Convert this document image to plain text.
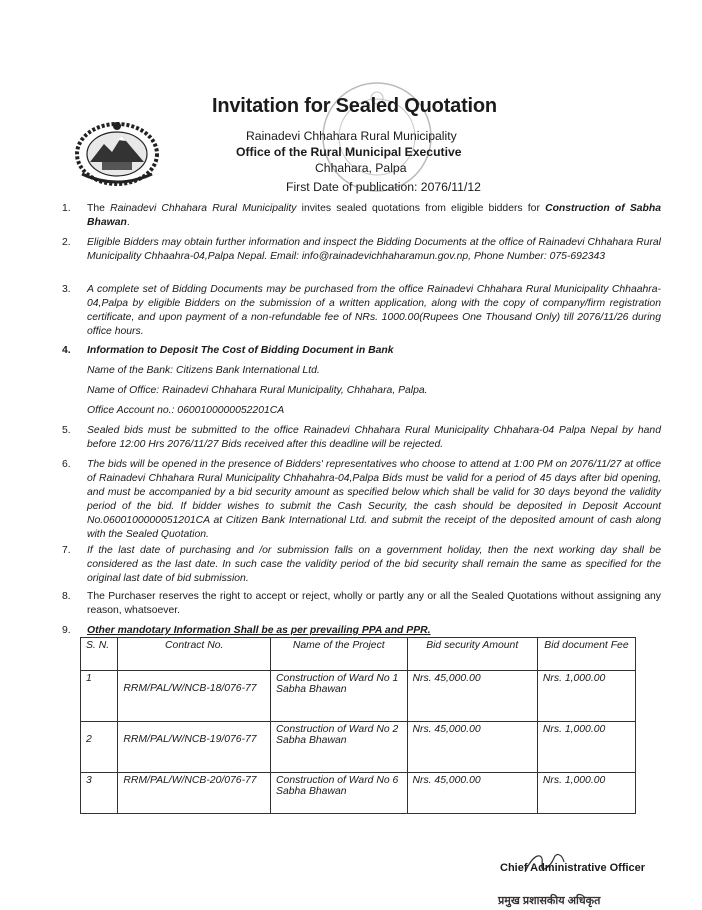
Invitation for Sealed Quotation
Rainadevi Chhahara Rural Municipality
Office of the Rural Municipal Executive
Chhahara, Palpa
First Date of publication: 2076/11/12
1. The Rainadevi Chhahara Rural Municipality invites sealed quotations from eligible bidders for Construction of Sabha Bhawan.
2. Eligible Bidders may obtain further information and inspect the Bidding Documents at the office of Rainadevi Chhahara Rural Municipality Chhaahra-04,Palpa Nepal. Email: info@rainadevichhaharamun.gov.np, Phone Number: 075-692343
3. A complete set of Bidding Documents may be purchased from the office Rainadevi Chhahara Rural Municipality Chhaahra-04,Palpa by eligible Bidders on the submission of a written application, along with the copy of company/firm registration certificate, and upon payment of a non-refundable fee of NRs. 1000.00(Rupees One Thousand Only) till 2076/11/26 during office hours.
4. Information to Deposit The Cost of Bidding Document in Bank
Name of the Bank: Citizens Bank International Ltd.
Name of Office: Rainadevi Chhahara Rural Municipality, Chhahara, Palpa.
Office Account no.: 0600100000052201CA
5. Sealed bids must be submitted to the office Rainadevi Chhahara Rural Municipality Chhahara-04 Palpa Nepal by hand before 12:00 Hrs 2076/11/27 Bids received after this deadline will be rejected.
6. The bids will be opened in the presence of Bidders' representatives who choose to attend at 1:00 PM on 2076/11/27 at office of Rainadevi Chhahara Rural Municipality Chhahahra-04,Palpa Bids must be valid for a period of 45 days after bid opening, and must be accompanied by a bid security amount as specified below which shall be valid for 30 days beyond the validity period of the bid. If bidder wishes to submit the Cash Security, the cash should be deposited in Deposit Account No.0600100000051201CA at Citizen Bank International Ltd. and submit the receipt of the deposited amount of cash along with the Sealed Quotation.
7. If the last date of purchasing and /or submission falls on a government holiday, then the next working day shall be considered as the last date. In such case the validity period of the bid security shall remain the same as specified for the original last date of bid submission.
8. The Purchaser reserves the right to accept or reject, wholly or partly any or all the Sealed Quotations without assigning any reason, whatsoever.
9. Other mandotary Information Shall be as per prevailing PPA and PPR.
S. N.	Contract No.	Name of the Project	Bid security Amount	Bid document Fee
1	RRM/PAL/W/NCB-18/076-77	Construction of Ward No 1 Sabha Bhawan	Nrs. 45,000.00	Nrs. 1,000.00
2	RRM/PAL/W/NCB-19/076-77	Construction of Ward No 2 Sabha Bhawan	Nrs. 45,000.00	Nrs. 1,000.00
3	RRM/PAL/W/NCB-20/076-77	Construction of Ward No 6 Sabha Bhawan	Nrs. 45,000.00	Nrs. 1,000.00
Chief Administrative Officer
प्रमुख प्रशासकीय अधिकृत
